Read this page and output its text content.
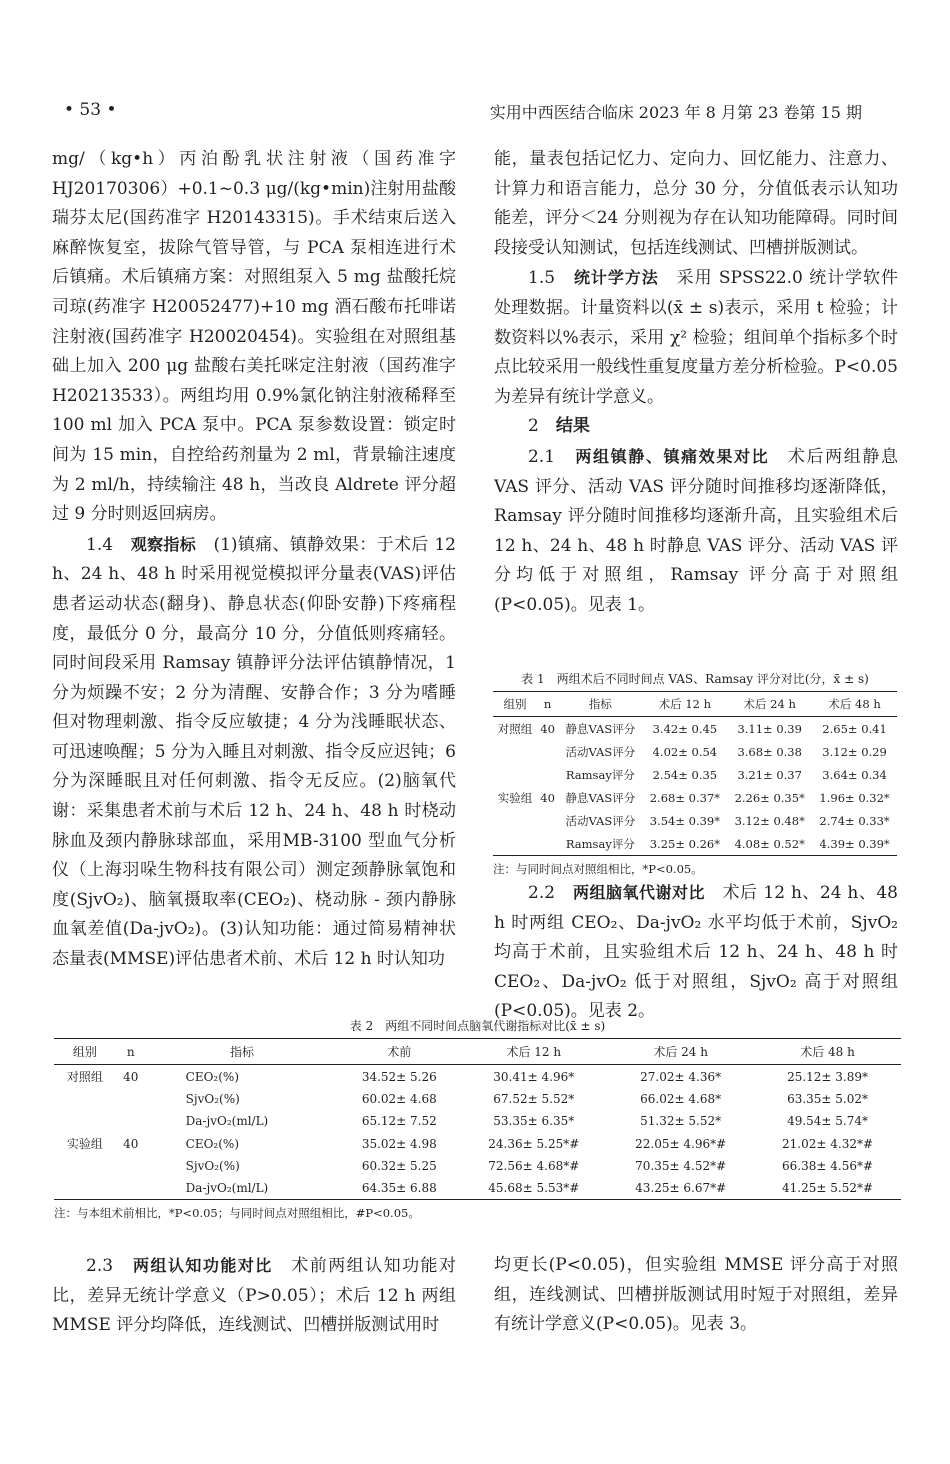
• 53 •	实用中西医结合临床 2023 年 8 月第 23 卷第 15 期

mg/（kg•h）丙泊酚乳状注射液（国药准字 HJ20170306）+0.1~0.3 μg/(kg•min)注射用盐酸瑞芬太尼(国药准字 H20143315)。手术结束后送入麻醉恢复室，拔除气管导管，与 PCA 泵相连进行术后镇痛。术后镇痛方案：对照组泵入 5 mg 盐酸托烷司琼(药准字 H20052477)+10 mg 酒石酸布托啡诺注射液(国药准字 H20020454)。实验组在对照组基础上加入 200 μg 盐酸右美托咪定注射液（国药准字 H20213533）。两组均用 0.9%氯化钠注射液稀释至 100 ml 加入 PCA 泵中。PCA 泵参数设置：锁定时间为 15 min，自控给药剂量为 2 ml，背景输注速度为 2 ml/h，持续输注 48 h，当改良 Aldrete 评分超过 9 分时则返回病房。

1.4　 观察指标　 (1)镇痛、镇静效果：于术后 12 h、24 h、48 h 时采用视觉模拟评分量表(VAS)评估患者运动状态(翻身)、静息状态(仰卧安静)下疼痛程度，最低分 0 分，最高分 10 分，分值低则疼痛轻。同时间段采用 Ramsay 镇静评分法评估镇静情况，1 分为烦躁不安；2 分为清醒、安静合作；3 分为嗜睡但对物理刺激、指令反应敏捷；4 分为浅睡眠状态、可迅速唤醒；5 分为入睡且对刺激、指令反应迟钝；6 分为深睡眠且对任何刺激、指令无反应。(2)脑氧代谢：采集患者术前与术后 12 h、24 h、48 h 时桡动脉血及颈内静脉球部血，采用MB-3100 型血气分析仪（上海羽哚生物科技有限公司）测定颈静脉氧饱和度(SjvO₂)、脑氧摄取率(CEO₂)、桡动脉 - 颈内静脉血氧差值(Da-jvO₂)。(3)认知功能：通过简易精神状态量表(MMSE)评估患者术前、术后 12 h 时认知功

能，量表包括记忆力、定向力、回忆能力、注意力、计算力和语言能力，总分 30 分，分值低表示认知功能差，评分＜24 分则视为存在认知功能障碍。同时间段接受认知测试，包括连线测试、凹槽拼版测试。

1.5　 统计学方法　 采用 SPSS22.0 统计学软件处理数据。计量资料以(x̄ ± s)表示，采用 t 检验；计数资料以%表示，采用 χ² 检验；组间单个指标多个时点比较采用一般线性重复度量方差分析检验。P<0.05 为差异有统计学意义。

2　 结果

2.1　 两组镇静、镇痛效果对比　 术后两组静息 VAS 评分、活动 VAS 评分随时间推移均逐渐降低，Ramsay 评分随时间推移均逐渐升高，且实验组术后 12 h、24 h、48 h 时静息 VAS 评分、活动 VAS 评分均低于对照组，Ramsay 评分高于对照组(P<0.05)。见表 1。

表 1　两组术后不同时间点 VAS、Ramsay 评分对比(分，x̄ ± s)
组别	n	指标	术后 12 h	术后 24 h	术后 48 h
对照组	40	静息VAS评分	3.42± 0.45	3.11± 0.39	2.65± 0.41
		活动VAS评分	4.02± 0.54	3.68± 0.38	3.12± 0.29
		Ramsay评分	2.54± 0.35	3.21± 0.37	3.64± 0.34
实验组	40	静息VAS评分	2.68± 0.37*	2.26± 0.35*	1.96± 0.32*
		活动VAS评分	3.54± 0.39*	3.12± 0.48*	2.74± 0.33*
		Ramsay评分	3.25± 0.26*	4.08± 0.52*	4.39± 0.39*
注：与同时间点对照组相比，*P<0.05。

2.2　 两组脑氧代谢对比　 术后 12 h、24 h、48 h 时两组 CEO₂、Da-jvO₂ 水平均低于术前，SjvO₂ 均高于术前，且实验组术后 12 h、24 h、48 h 时 CEO₂、Da-jvO₂ 低于对照组，SjvO₂ 高于对照组(P<0.05)。见表 2。

表 2　两组不同时间点脑氧代谢指标对比(x̄ ± s)
组别	n	指标	术前	术后 12 h	术后 24 h	术后 48 h
对照组	40	CEO₂(%)	34.52± 5.26	30.41± 4.96*	27.02± 4.36*	25.12± 3.89*
		SjvO₂(%)	60.02± 4.68	67.52± 5.52*	66.02± 4.68*	63.35± 5.02*
		Da-jvO₂(ml/L)	65.12± 7.52	53.35± 6.35*	51.32± 5.52*	49.54± 5.74*
实验组	40	CEO₂(%)	35.02± 4.98	24.36± 5.25*#	22.05± 4.96*#	21.02± 4.32*#
		SjvO₂(%)	60.32± 5.25	72.56± 4.68*#	70.35± 4.52*#	66.38± 4.56*#
		Da-jvO₂(ml/L)	64.35± 6.88	45.68± 5.53*#	43.25± 6.67*#	41.25± 5.52*#
注：与本组术前相比，*P<0.05；与同时间点对照组相比，#P<0.05。

2.3　 两组认知功能对比　 术前两组认知功能对比，差异无统计学意义（P>0.05）；术后 12 h 两组 MMSE 评分均降低，连线测试、凹槽拼版测试用时

均更长(P<0.05)，但实验组 MMSE 评分高于对照组，连线测试、凹槽拼版测试用时短于对照组，差异有统计学意义(P<0.05)。见表 3。
